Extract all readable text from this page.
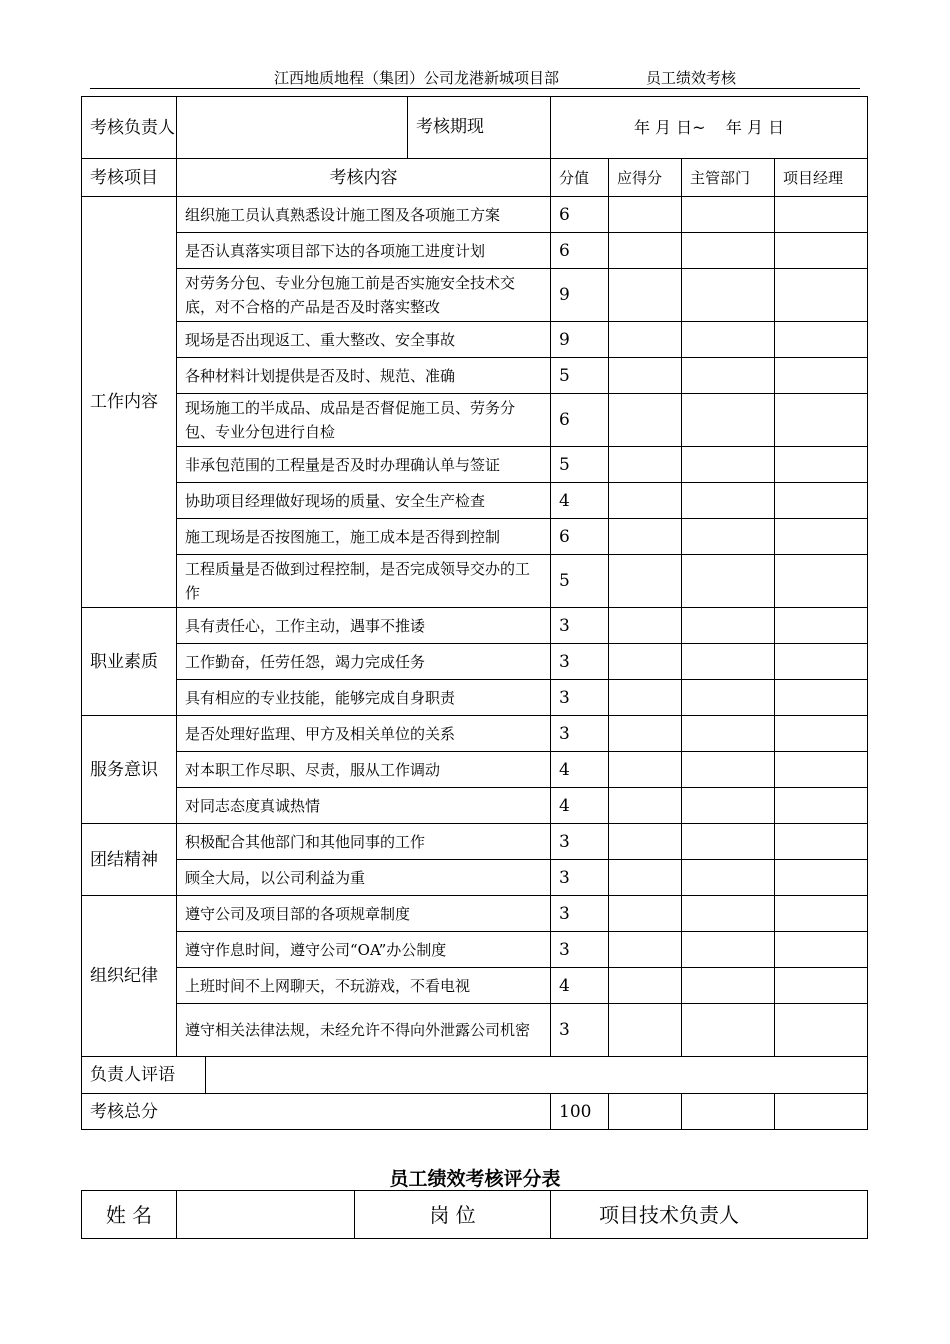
江西地质地程（集团）公司龙港新城项目部	员工绩效考核
考核负责人	考核期现	年 月 日~    年 月 日			
考核项目	考核内容	分值	应得分	主管部门	项目经理
工作内容	组织施工员认真熟悉设计施工图及各项施工方案	6			
	是否认真落实项目部下达的各项施工进度计划	6			
	对劳务分包、专业分包施工前是否实施安全技术交底，对不合格的产品是否及时落实整改	9			
	现场是否出现返工、重大整改、安全事故	9			
	各种材料计划提供是否及时、规范、准确	5			
	现场施工的半成品、成品是否督促施工员、劳务分包、专业分包进行自检	6			
	非承包范围的工程量是否及时办理确认单与签证	5			
	协助项目经理做好现场的质量、安全生产检查	4			
	施工现场是否按图施工，施工成本是否得到控制	6			
	工程质量是否做到过程控制，是否完成领导交办的工作	5			
职业素质	具有责任心，工作主动，遇事不推诿	3			
	工作勤奋，任劳任怨，竭力完成任务	3			
	具有相应的专业技能，能够完成自身职责	3			
服务意识	是否处理好监理、甲方及相关单位的关系	3			
	对本职工作尽职、尽责，服从工作调动	4			
	对同志态度真诚热情	4			
团结精神	积极配合其他部门和其他同事的工作	3			
	顾全大局，以公司利益为重	3			
组织纪律	遵守公司及项目部的各项规章制度	3			
	遵守作息时间，遵守公司“OA”办公制度	3			
	上班时间不上网聊天，不玩游戏，不看电视	4			
	遵守相关法律法规，未经允许不得向外泄露公司机密	3			

负责人评语					

考核总分		100			
员工绩效考核评分表
姓 名		岗 位	项目技术负责人
